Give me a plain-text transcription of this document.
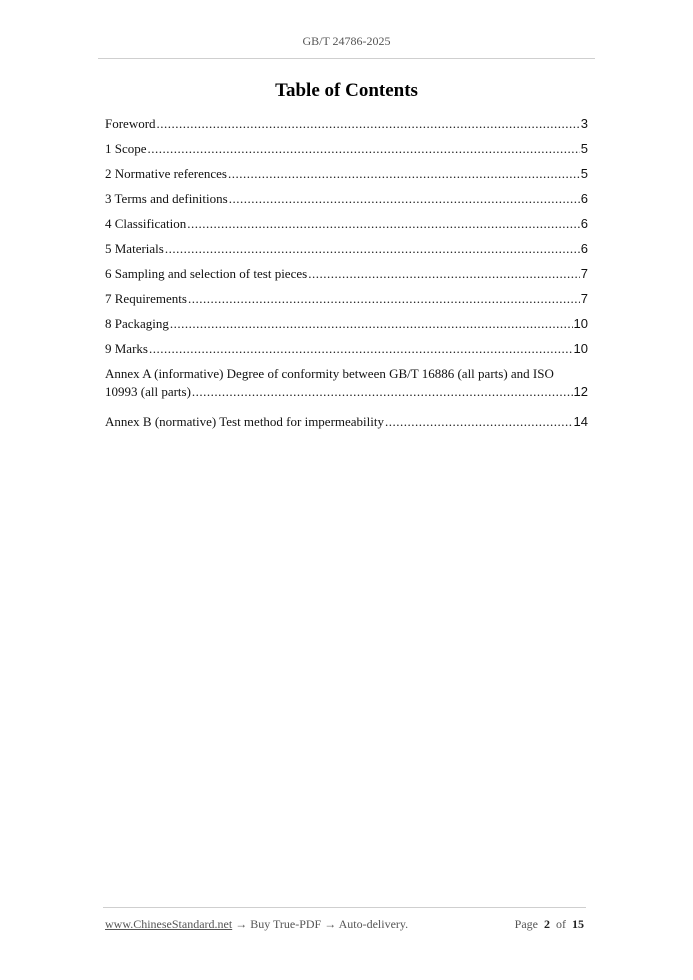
GB/T 24786-2025
Table of Contents
Foreword .....	3
1 Scope .....	5
2 Normative references .....	5
3 Terms and definitions .....	6
4 Classification .....	6
5 Materials .....	6
6 Sampling and selection of test pieces .....	7
7 Requirements .....	7
8 Packaging .....	10
9 Marks .....	10
Annex A (informative) Degree of conformity between GB/T 16886 (all parts) and ISO
10993 (all parts) .....	12
Annex B (normative) Test method for impermeability .....	14
www.ChineseStandard.net → Buy True-PDF → Auto-delivery.	Page 2 of 15
